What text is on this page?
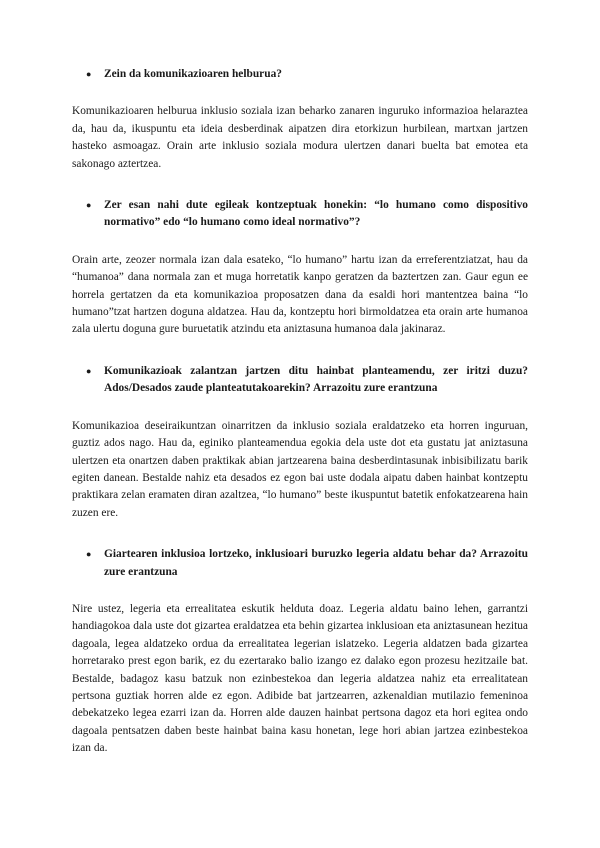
●	Zein da komunikazioaren helburua?

Komunikazioaren helburua inklusio soziala izan beharko zanaren inguruko informazioa helaraztea da, hau da, ikuspuntu eta ideia desberdinak aipatzen dira etorkizun hurbilean, martxan jartzen hasteko asmoagaz. Orain arte inklusio soziala modura ulertzen danari buelta bat emotea eta sakonago aztertzea.

●	Zer esan nahi dute egileak kontzeptuak honekin: “lo humano como dispositivo normativo” edo “lo humano como ideal normativo”?

Orain arte, zeozer normala izan dala esateko, “lo humano” hartu izan da erreferentziatzat, hau da “humanoa” dana normala zan et muga horretatik kanpo geratzen da baztertzen zan. Gaur egun ee horrela gertatzen da eta komunikazioa proposatzen dana da esaldi hori mantentzea baina “lo humano”tzat hartzen doguna aldatzea. Hau da, kontzeptu hori birmoldatzea eta orain arte humanoa zala ulertu doguna gure buruetatik atzindu eta aniztasuna humanoa dala jakinaraz.

●	Komunikazioak zalantzan jartzen ditu hainbat planteamendu, zer iritzi duzu? Ados/Desados zaude planteatutakoarekin? Arrazoitu zure erantzuna

Komunikazioa deseiraikuntzan oinarritzen da inklusio soziala eraldatzeko eta horren inguruan, guztiz ados nago. Hau da, eginiko planteamendua egokia dela uste dot eta gustatu jat aniztasuna ulertzen eta onartzen daben praktikak abian jartzearena baina desberdintasunak inbisibilizatu barik egiten danean. Bestalde nahiz eta desados ez egon bai uste dodala aipatu daben hainbat kontzeptu praktikara zelan eramaten diran azaltzea, “lo humano” beste ikuspuntut batetik enfokatzearena hain zuzen ere.

●	Giartearen inklusioa lortzeko, inklusioari buruzko legeria aldatu behar da? Arrazoitu zure erantzuna

Nire ustez, legeria eta errealitatea eskutik helduta doaz. Legeria aldatu baino lehen, garrantzi handiagokoa dala uste dot gizartea eraldatzea eta behin gizartea inklusioan eta aniztasunean hezitua dagoala, legea aldatzeko ordua da errealitatea legerian islatzeko. Legeria aldatzen bada gizartea horretarako prest egon barik, ez du ezertarako balio izango ez dalako egon prozesu hezitzaile bat. Bestalde, badagoz kasu batzuk non ezinbestekoa dan legeria aldatzea nahiz eta errealitatean pertsona guztiak horren alde ez egon. Adibide bat jartzearren, azkenaldian mutilazio femeninoa debekatzeko legea ezarri izan da. Horren alde dauzen hainbat pertsona dagoz eta hori egitea ondo dagoala pentsatzen daben beste hainbat baina kasu honetan, lege hori abian jartzea ezinbestekoa izan da.
